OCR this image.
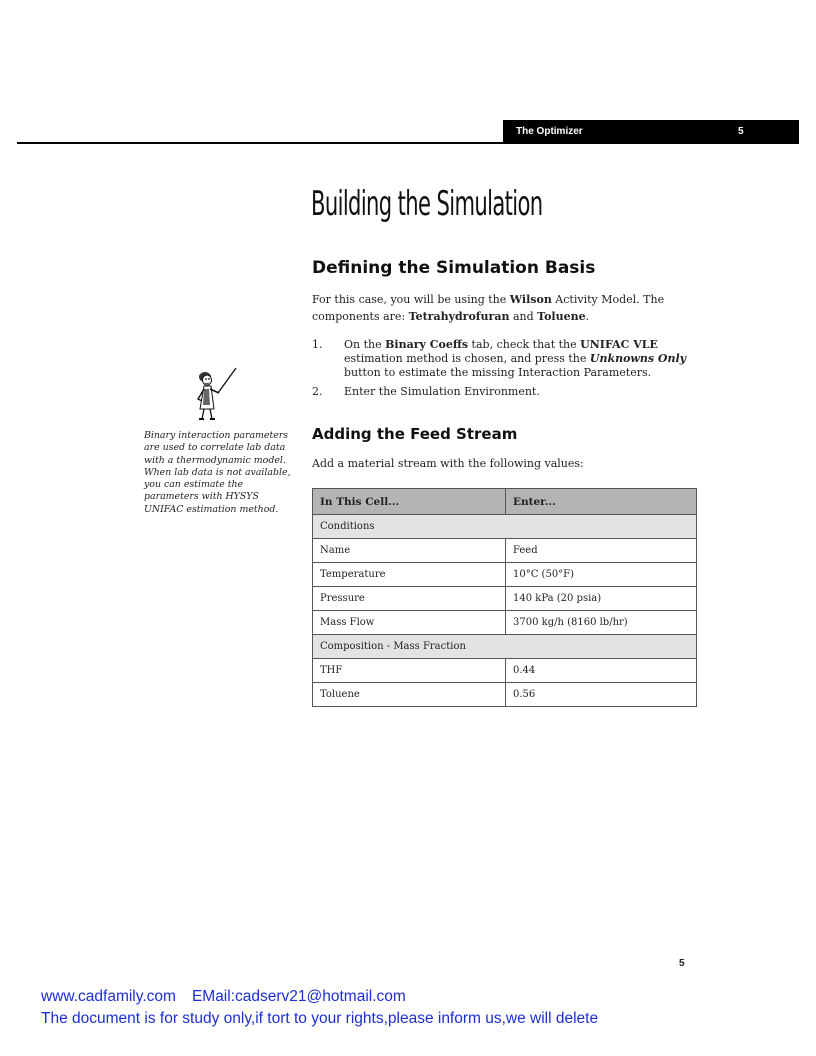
The Optimizer	5
Building the Simulation
Defining the Simulation Basis

For this case, you will be using the Wilson Activity Model. The components are: Tetrahydrofuran and Toluene.

1.	On the Binary Coeffs tab, check that the UNIFAC VLE estimation method is chosen, and press the Unknowns Only button to estimate the missing Interaction Parameters.
2.	Enter the Simulation Environment.

Binary interaction parameters are used to correlate lab data with a thermodynamic model. When lab data is not available, you can estimate the parameters with HYSYS UNIFAC estimation method.

Adding the Feed Stream

Add a material stream with the following values:

In This Cell...	Enter...
Conditions	
Name	Feed
Temperature	10°C (50°F)
Pressure	140 kPa (20 psia)
Mass Flow	3700 kg/h (8160 lb/hr)
Composition - Mass Fraction	
THF	0.44
Toluene	0.56
5
www.cadfamily.com EMail:cadserv21@hotmail.com
The document is for study only,if tort to your rights,please inform us,we will delete
